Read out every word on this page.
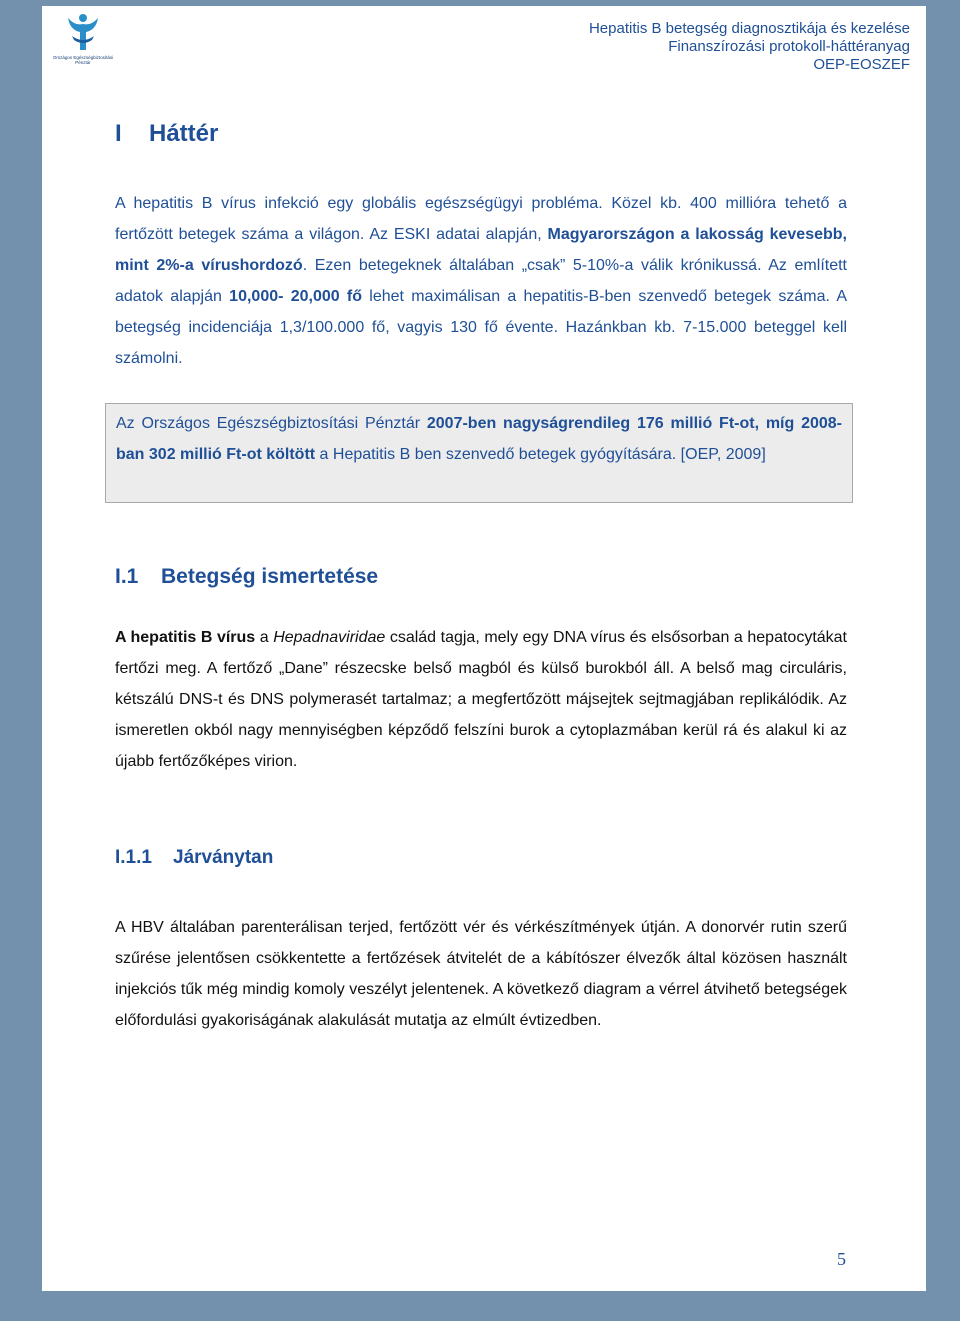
Országos Egészségbiztosítási Pénztár
Hepatitis B betegség diagnosztikája és kezelése
Finanszírozási protokoll-háttéranyag
OEP-EOSZEF
I Háttér

A hepatitis B vírus infekció egy globális egészségügyi probléma. Közel kb. 400 millióra tehető a fertőzött betegek száma a világon. Az ESKI adatai alapján, Magyarországon a lakosság kevesebb, mint 2%-a vírushordozó. Ezen betegeknek általában „csak” 5-10%-a válik krónikussá. Az említett adatok alapján 10,000- 20,000 fő lehet maximálisan a hepatitis-B-ben szenvedő betegek száma. A betegség incidenciája 1,3/100.000 fő, vagyis 130 fő évente. Hazánkban kb. 7-15.000 beteggel kell számolni.

Az Országos Egészségbiztosítási Pénztár 2007-ben nagyságrendileg 176 millió Ft-ot, míg 2008-ban 302 millió Ft-ot költött a Hepatitis B ben szenvedő betegek gyógyítására. [OEP, 2009]

I.1 Betegség ismertetése

A hepatitis B vírus a Hepadnaviridae család tagja, mely egy DNA vírus és elsősorban a hepatocytákat fertőzi meg. A fertőző „Dane” részecske belső magból és külső burokból áll. A belső mag circuláris, kétszálú DNS-t és DNS polymerasét tartalmaz; a megfertőzött májsejtek sejtmagjában replikálódik. Az ismeretlen okból nagy mennyiségben képződő felszíni burok a cytoplazmában kerül rá és alakul ki az újabb fertőzőképes virion.

I.1.1 Járványtan

A HBV általában parenterálisan terjed, fertőzött vér és vérkészítmények útján. A donorvér rutin szerű szűrése jelentősen csökkentette a fertőzések átvitelét de a kábítószer élvezők által közösen használt injekciós tűk még mindig komoly veszélyt jelentenek. A következő diagram a vérrel átvihető betegségek előfordulási gyakoriságának alakulását mutatja az elmúlt évtizedben.

5
